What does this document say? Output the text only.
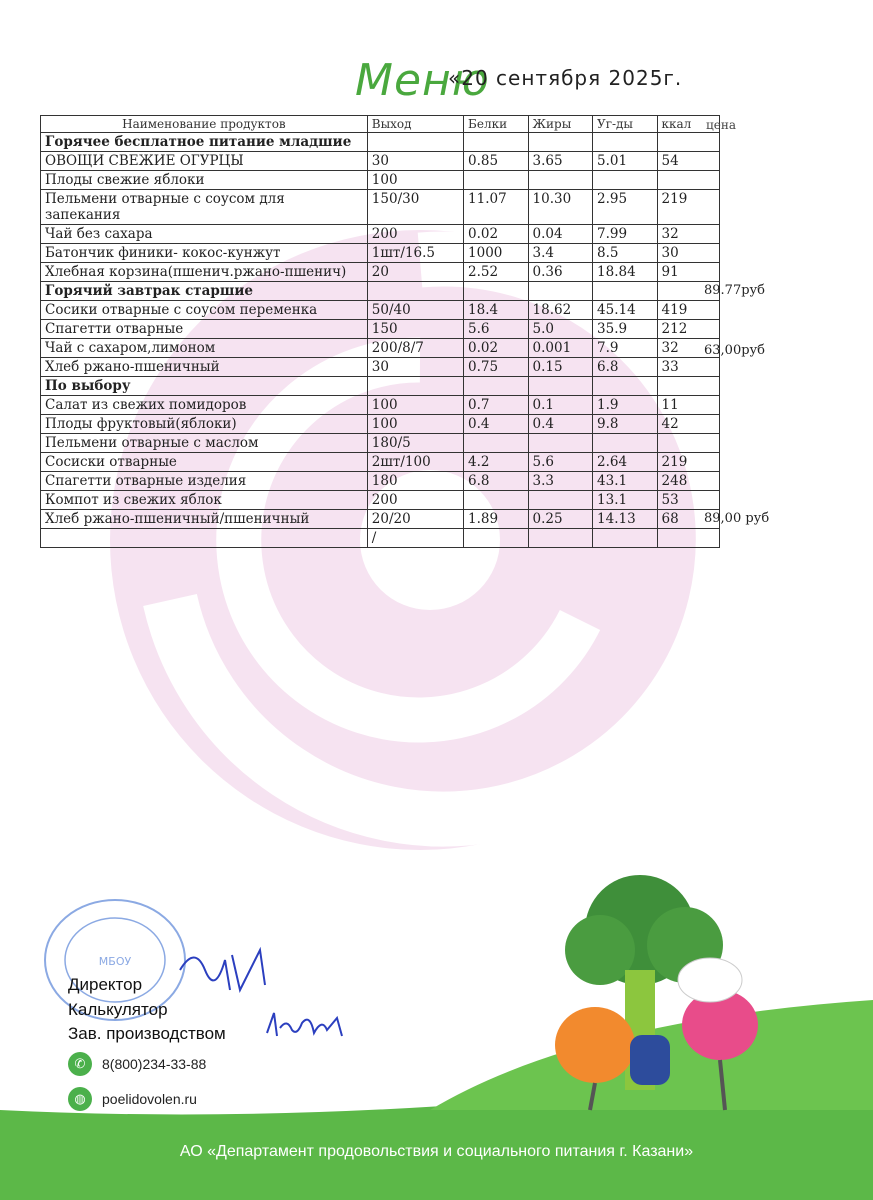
Меню
«20 сентября 2025г.
Наименование продуктов	Выход	Белки	Жиры	Уг-ды	ккал
Горячее бесплатное питание младшие					
ОВОЩИ СВЕЖИЕ ОГУРЦЫ	30	0.85	3.65	5.01	54
Плоды свежие яблоки	100				
Пельмени отварные с соусом для запекания	150/30	11.07	10.30	2.95	219
Чай без сахара	200	0.02	0.04	7.99	32
Батончик финики- кокос-кунжут	1шт/16.5	1000	3.4	8.5	30
Хлебная корзина(пшенич.ржано-пшенич)	20	2.52	0.36	18.84	91
Горячий завтрак старшие					
Сосики отварные с соусом переменка	50/40	18.4	18.62	45.14	419
Спагетти отварные	150	5.6	5.0	35.9	212
Чай с сахаром,лимоном	200/8/7	0.02	0.001	7.9	32
Хлеб ржано-пшеничный	30	0.75	0.15	6.8	33
По выбору					
Салат из свежих помидоров	100	0.7	0.1	1.9	11
Плоды фруктовый(яблоки)	100	0.4	0.4	9.8	42
Пельмени отварные с маслом	180/5				
Сосиски отварные	2шт/100	4.2	5.6	2.64	219
Спагетти отварные изделия	180	6.8	3.3	43.1	248
Компот из свежих яблок	200			13.1	53
Хлеб ржано-пшеничный/пшеничный	20/20	1.89	0.25	14.13	68
	/				
цена
89.77руб
63,00руб
89,00 руб
МБОУ
Директор
Калькулятор
Зав. производством
✆	8(800)234-33-88
◍	poelidovolen.ru
АО «Департамент продовольствия и социального питания г. Казани»
